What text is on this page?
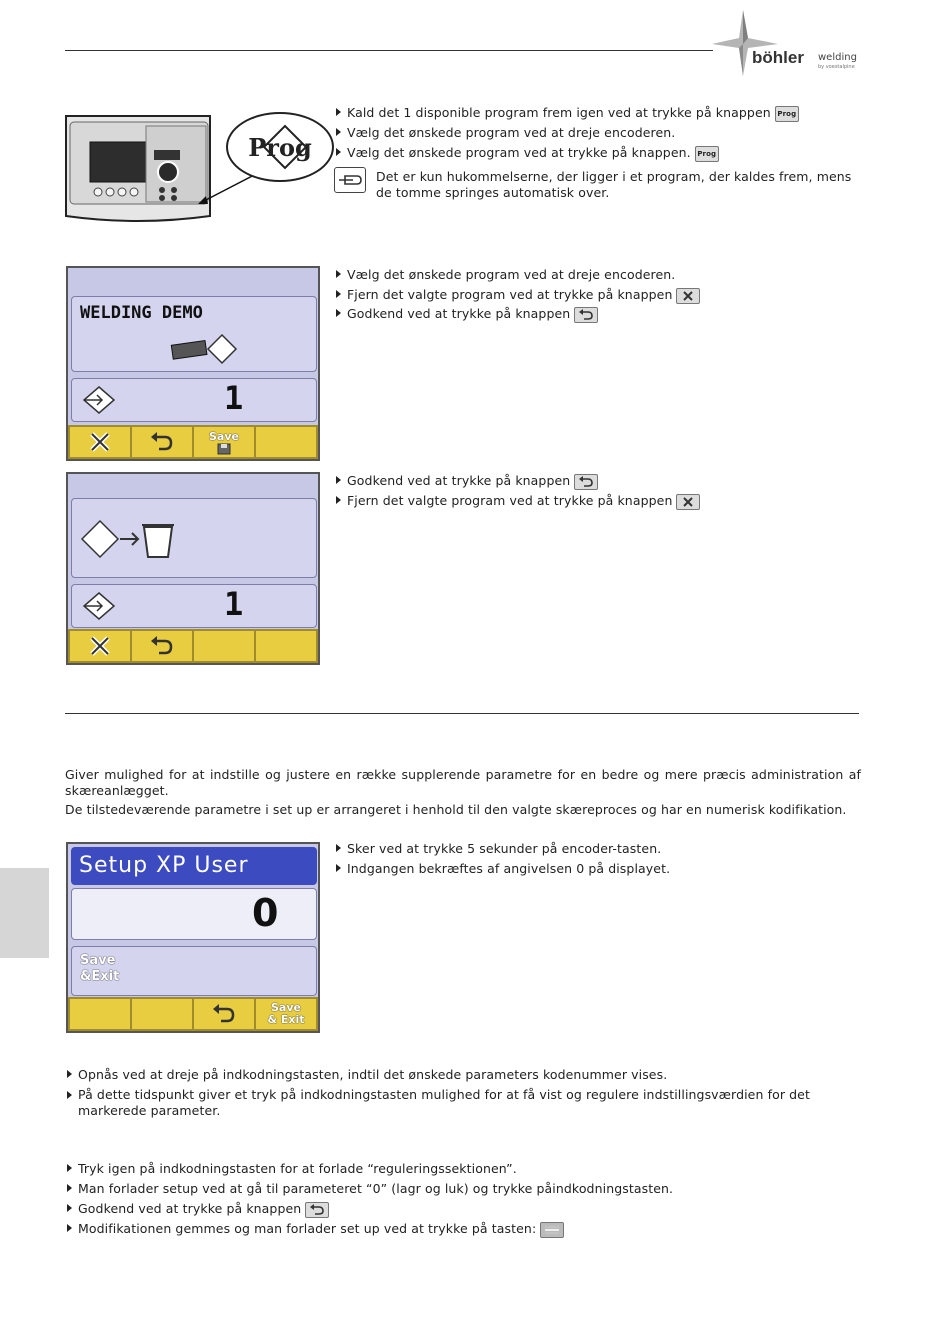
böhler welding
by voestalpine
Prog
Kald det 1 disponible program frem igen ved at trykke på knappen Prog
Vælg det ønskede program ved at dreje encoderen.
Vælg det ønskede program ved at trykke på knappen. Prog
Det er kun hukommelserne, der ligger i et program, der kaldes frem, mens de tomme springes automatisk over.
WELDING DEMO
1
Save
Vælg det ønskede program ved at dreje encoderen.
Fjern det valgte program ved at trykke på knappen
Godkend ved at trykke på knappen
1
Godkend ved at trykke på knappen
Fjern det valgte program ved at trykke på knappen
Giver mulighed for at indstille og justere en række supplerende parametre for en bedre og mere præcis administration af skæreanlægget.
De tilstedeværende parametre i set up er arrangeret i henhold til den valgte skæreproces og har en numerisk kodifikation.
Setup XP User
0
Save
&Exit
Save
& Exit
Sker ved at trykke 5 sekunder på encoder-tasten.
Indgangen bekræftes af angivelsen 0 på displayet.
Opnås ved at dreje på indkodningstasten, indtil det ønskede parameters kodenummer vises.
På dette tidspunkt giver et tryk på indkodningstasten mulighed for at få vist og regulere indstillingsværdien for det markerede parameter.
Tryk igen på indkodningstasten for at forlade “reguleringssektionen”.
Man forlader setup ved at gå til parameteret “0” (lagr og luk) og trykke påindkodningstasten.
Godkend ved at trykke på knappen
Modifikationen gemmes og man forlader set up ved at trykke på tasten:
